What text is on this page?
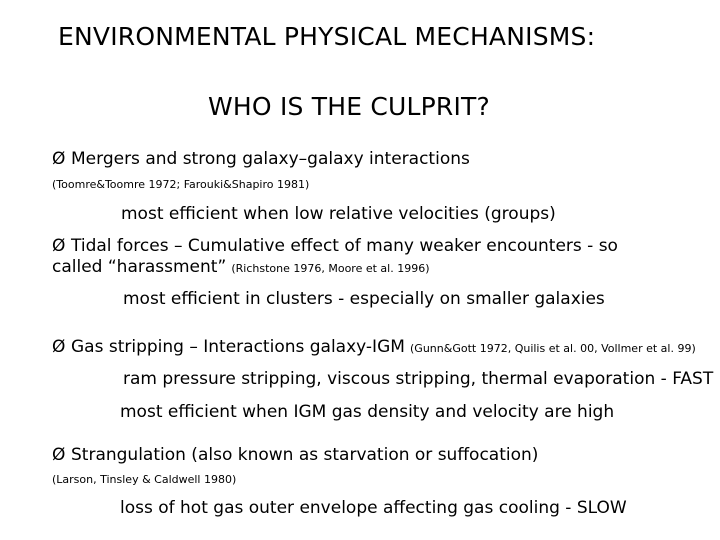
ENVIRONMENTAL PHYSICAL MECHANISMS:
WHO IS THE CULPRIT?
Ø Mergers and strong galaxy–galaxy interactions
(Toomre&Toomre 1972; Farouki&Shapiro 1981)
most efficient when low relative velocities (groups)
Ø Tidal forces – Cumulative effect of many weaker encounters - so
called “harassment” (Richstone 1976, Moore et al. 1996)
most efficient in clusters - especially on smaller galaxies
Ø Gas stripping – Interactions galaxy-IGM (Gunn&Gott 1972, Quilis et al. 00, Vollmer et al. 99)
ram pressure stripping, viscous stripping, thermal evaporation - FAST
most efficient when IGM gas density and velocity are high
Ø Strangulation (also known as starvation or suffocation)
(Larson, Tinsley & Caldwell 1980)
loss of hot gas outer envelope affecting gas cooling - SLOW
